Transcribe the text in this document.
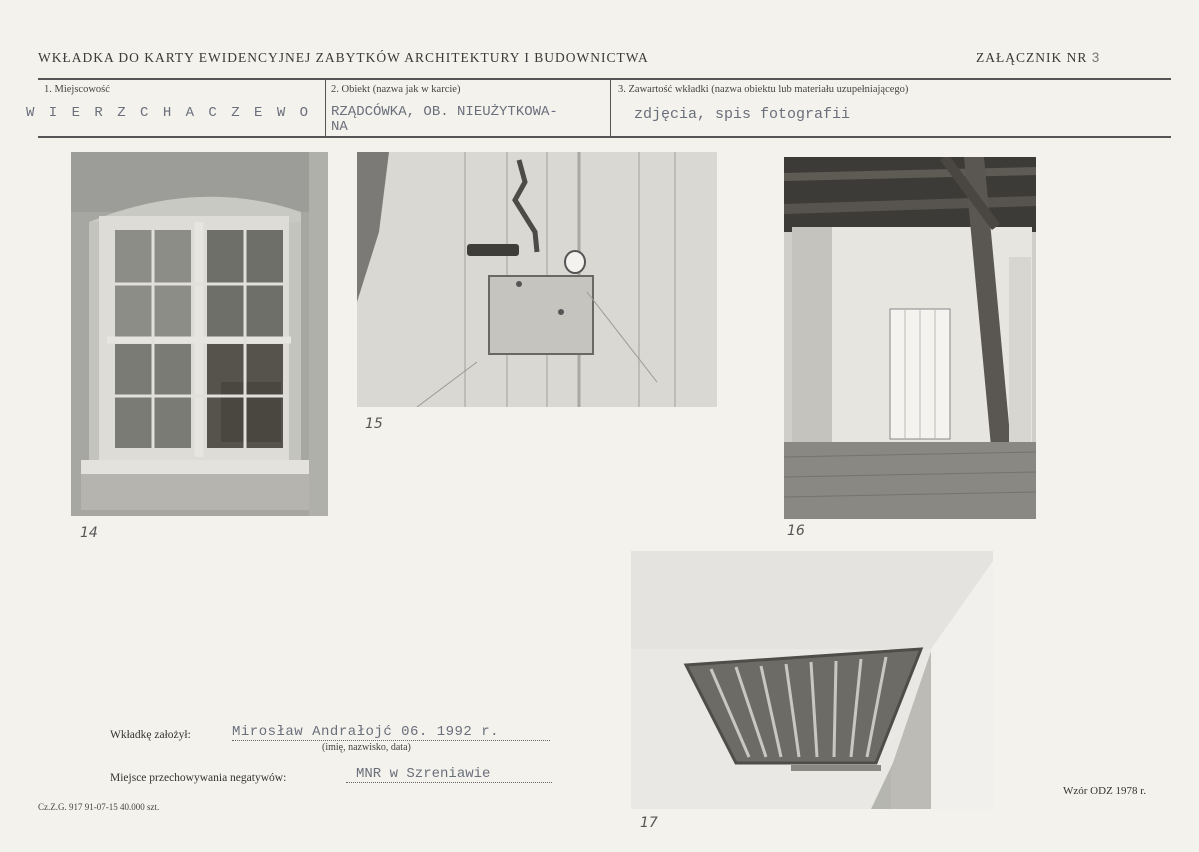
WKŁADKA DO KARTY EWIDENCYJNEJ ZABYTKÓW ARCHITEKTURY I BUDOWNICTWA	ZAŁĄCZNIK NR 3
1. Miejscowość
W I E R Z C H A C Z E W O
2. Obiekt (nazwa jak w karcie)
RZĄDCÓWKA, OB. NIEUŻYTKOWA-
NA
3. Zawartość wkładki (nazwa obiektu lub materiału uzupełniającego)
zdjęcia, spis fotografii
14
15
16
17
Wkładkę założył:	Mirosław Andrałojć 06. 1992 r.
(imię, nazwisko, data)
Miejsce przechowywania negatywów:	MNR w Szreniawie
Cz.Z.G. 917 91-07-15 40.000 szt.
Wzór ODZ 1978 r.
